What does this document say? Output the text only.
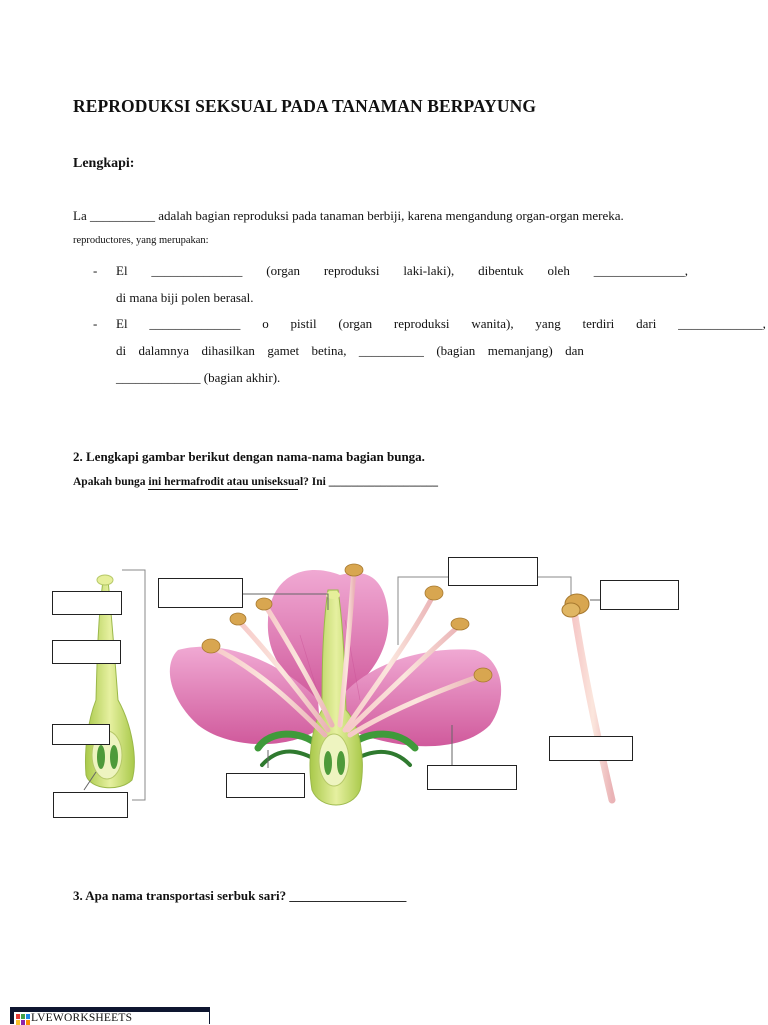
REPRODUKSI SEKSUAL PADA TANAMAN BERPAYUNG
Lengkapi:
La __________ adalah bagian reproduksi pada tanaman berbiji, karena mengandung organ-organ mereka.
reproductores, yang merupakan:
- El ______________ (organ reproduksi laki-laki), dibentuk oleh ______________,
di mana biji polen berasal.
- El ______________ o pistil (organ reproduksi wanita), yang terdiri dari _____________,
di dalamnya dihasilkan gamet betina, __________ (bagian memanjang) dan
_____________ (bagian akhir).
2. Lengkapi gambar berikut dengan nama-nama bagian bunga.
Apakah bunga ini hermafrodit atau uniseksual? Ini ___________________
3. Apa nama transportasi serbuk sari? __________________
LVEWORKSHEETS
